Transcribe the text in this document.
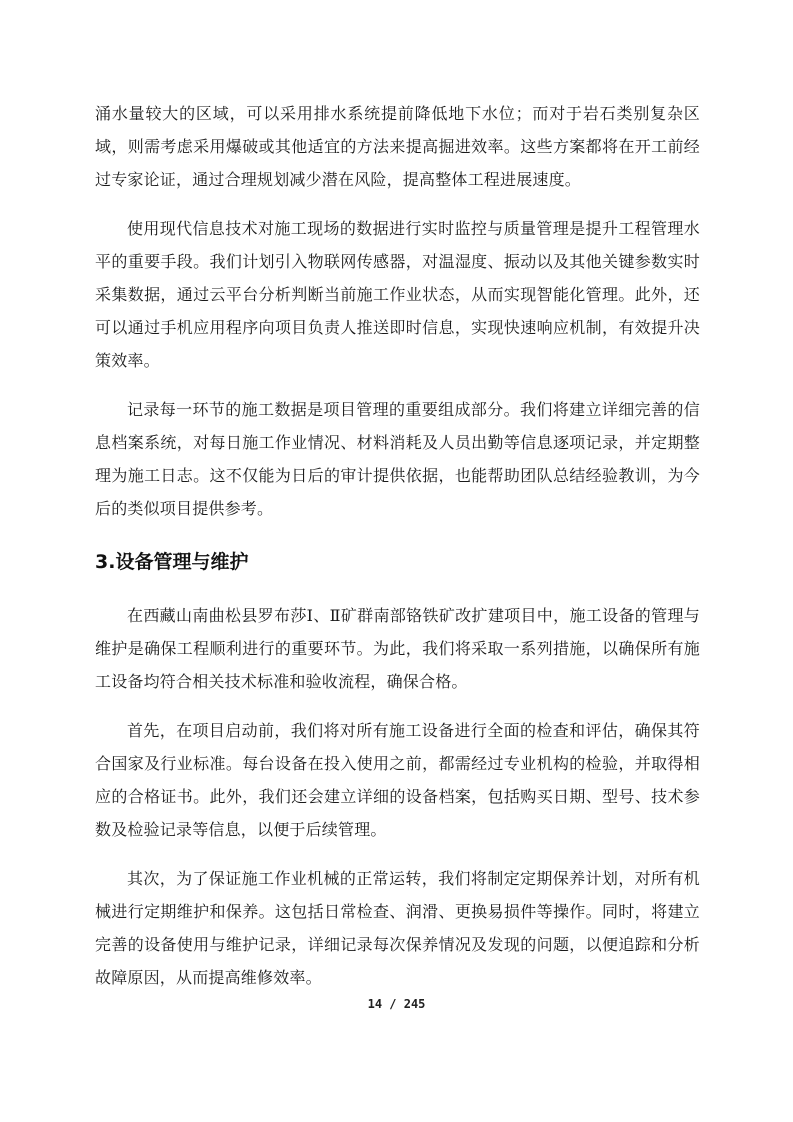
涌水量较大的区域，可以采用排水系统提前降低地下水位；而对于岩石类别复杂区域，则需考虑采用爆破或其他适宜的方法来提高掘进效率。这些方案都将在开工前经过专家论证，通过合理规划减少潜在风险，提高整体工程进展速度。

使用现代信息技术对施工现场的数据进行实时监控与质量管理是提升工程管理水平的重要手段。我们计划引入物联网传感器，对温湿度、振动以及其他关键参数实时采集数据，通过云平台分析判断当前施工作业状态，从而实现智能化管理。此外，还可以通过手机应用程序向项目负责人推送即时信息，实现快速响应机制，有效提升决策效率。

记录每一环节的施工数据是项目管理的重要组成部分。我们将建立详细完善的信息档案系统，对每日施工作业情况、材料消耗及人员出勤等信息逐项记录，并定期整理为施工日志。这不仅能为日后的审计提供依据，也能帮助团队总结经验教训，为今后的类似项目提供参考。

3.设备管理与维护

在西藏山南曲松县罗布莎Ⅰ、Ⅱ矿群南部铬铁矿改扩建项目中，施工设备的管理与维护是确保工程顺利进行的重要环节。为此，我们将采取一系列措施，以确保所有施工设备均符合相关技术标准和验收流程，确保合格。

首先，在项目启动前，我们将对所有施工设备进行全面的检查和评估，确保其符合国家及行业标准。每台设备在投入使用之前，都需经过专业机构的检验，并取得相应的合格证书。此外，我们还会建立详细的设备档案，包括购买日期、型号、技术参数及检验记录等信息，以便于后续管理。

其次，为了保证施工作业机械的正常运转，我们将制定定期保养计划，对所有机械进行定期维护和保养。这包括日常检查、润滑、更换易损件等操作。同时，将建立完善的设备使用与维护记录，详细记录每次保养情况及发现的问题，以便追踪和分析故障原因，从而提高维修效率。

14 / 245
